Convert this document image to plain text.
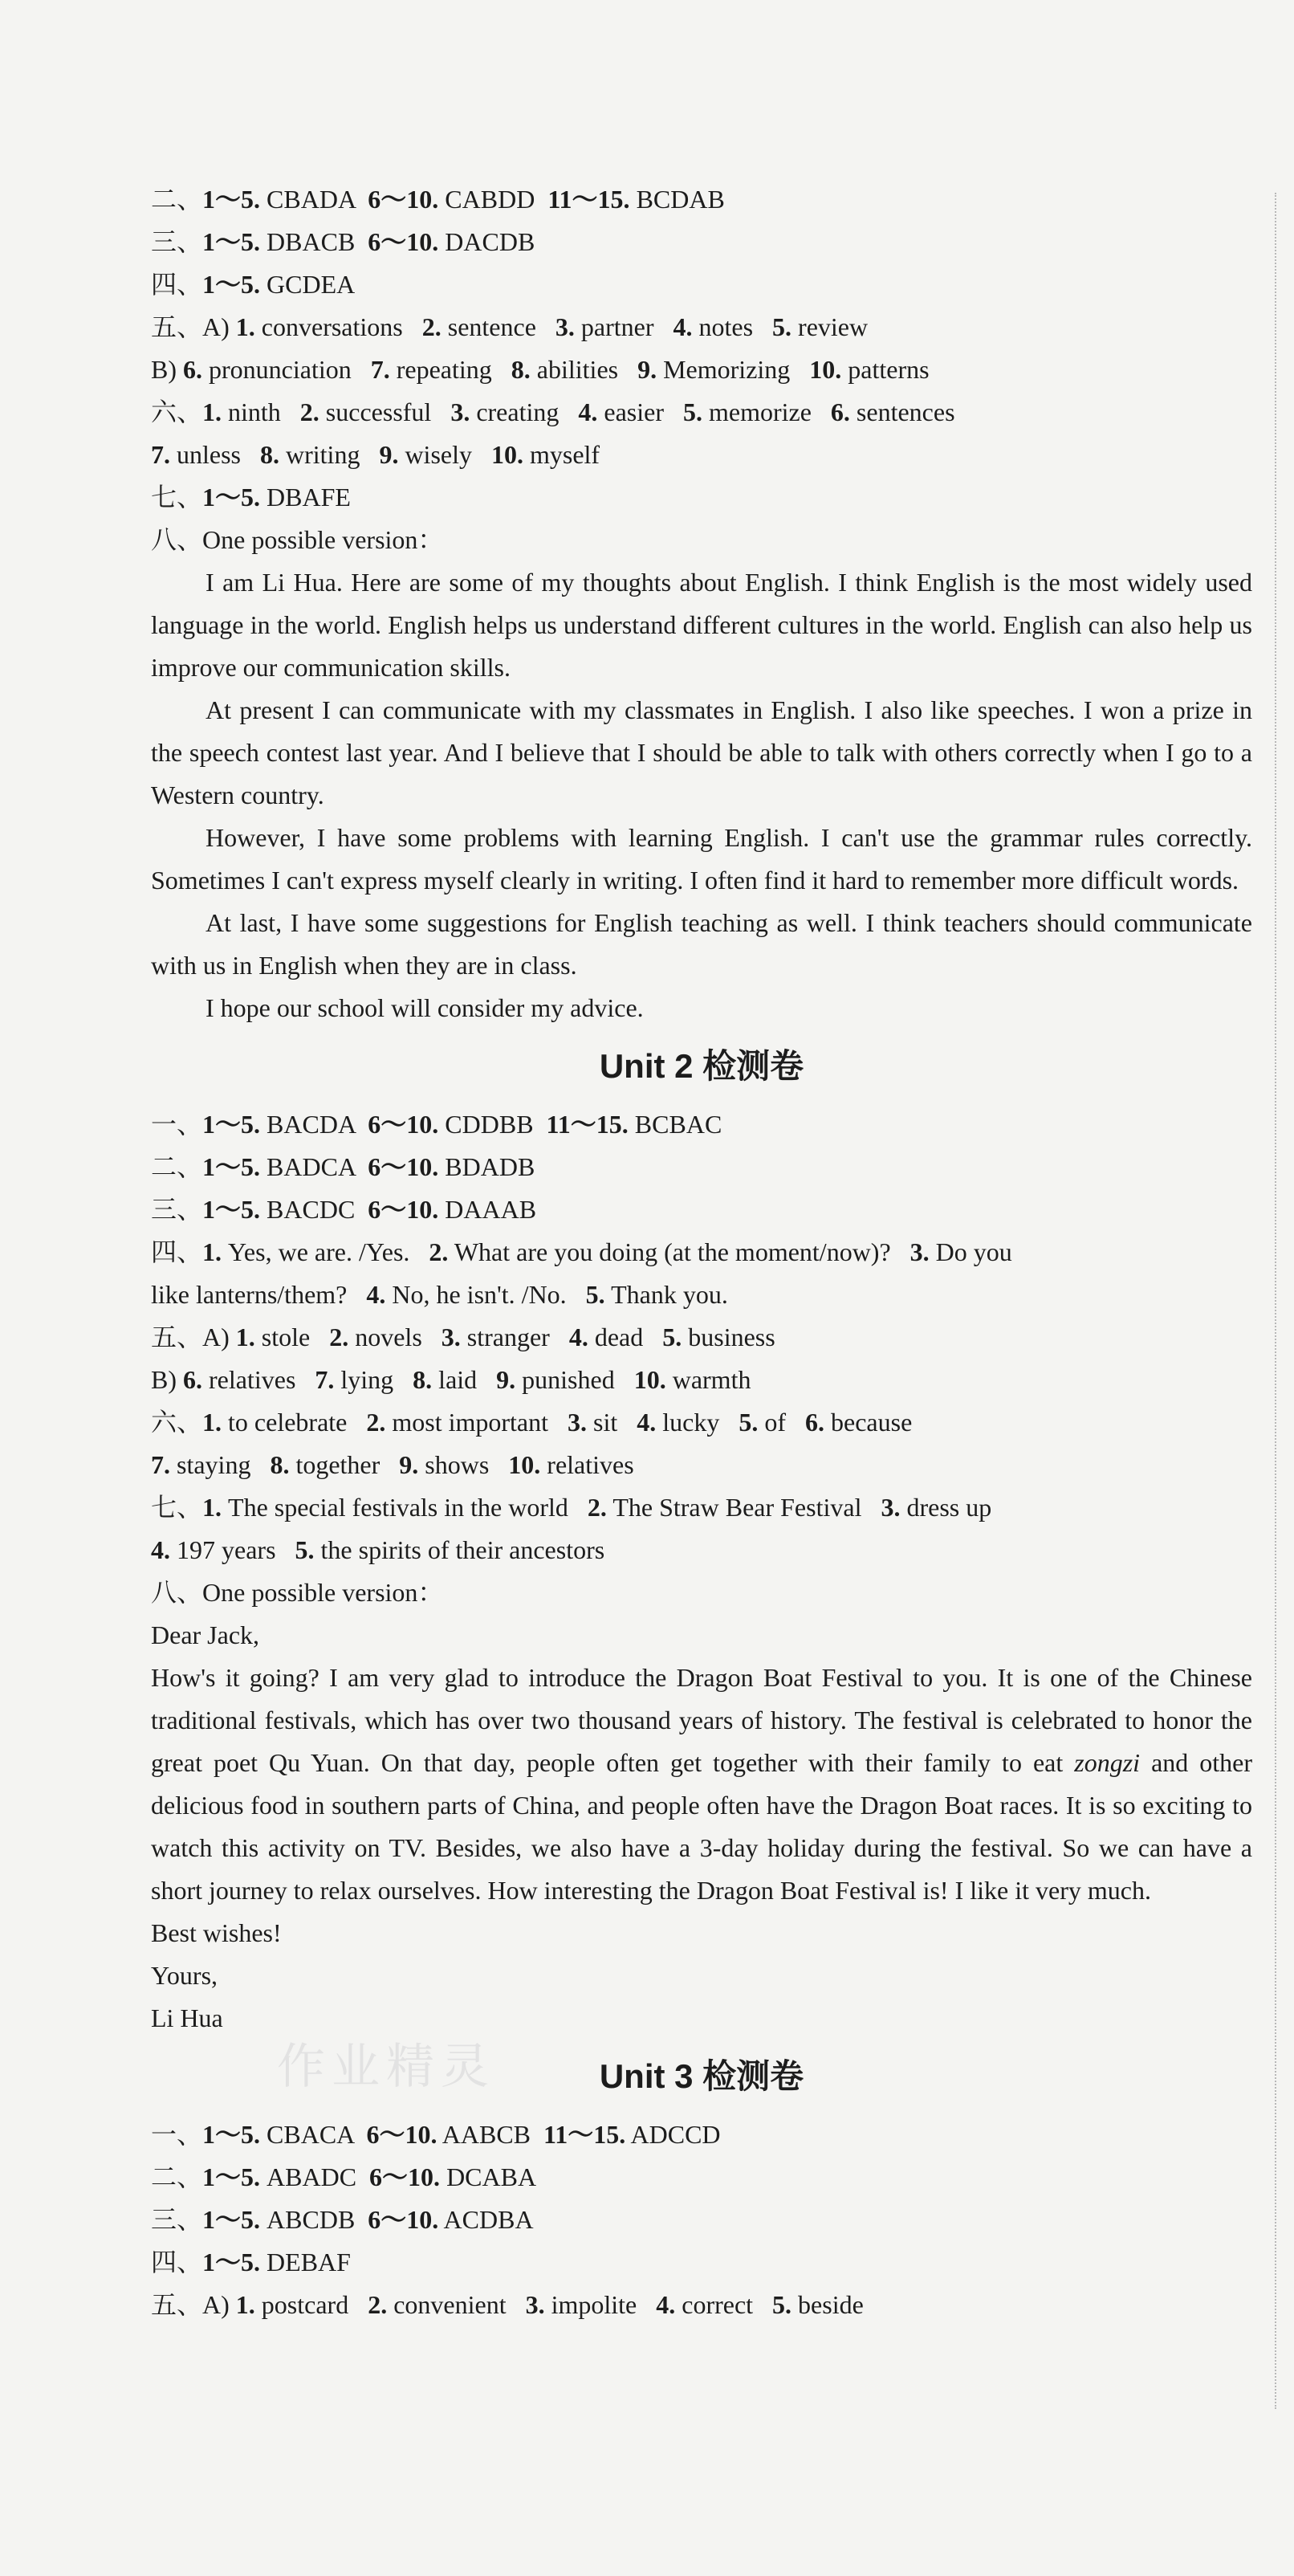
二、1～5. CBADA  6～10. CABDD  11～15. BCDAB
三、1～5. DBACB  6～10. DACDB
四、1～5. GCDEA
五、A) 1. conversations   2. sentence   3. partner   4. notes   5. review
B) 6. pronunciation   7. repeating   8. abilities   9. Memorizing   10. patterns
六、1. ninth   2. successful   3. creating   4. easier   5. memorize   6. sentences
7. unless   8. writing   9. wisely   10. myself
七、1～5. DBAFE
八、One possible version：
I am Li Hua. Here are some of my thoughts about English. I think English is the most widely used language in the world. English helps us understand different cultures in the world. English can also help us improve our communication skills.
At present I can communicate with my classmates in English. I also like speeches. I won a prize in the speech contest last year. And I believe that I should be able to talk with others correctly when I go to a Western country.
However, I have some problems with learning English. I can't use the grammar rules correctly. Sometimes I can't express myself clearly in writing. I often find it hard to remember more difficult words.
At last, I have some suggestions for English teaching as well. I think teachers should communicate with us in English when they are in class.
I hope our school will consider my advice.
Unit 2 检测卷
一、1～5. BACDA  6～10. CDDBB  11～15. BCBAC
二、1～5. BADCA  6～10. BDADB
三、1～5. BACDC  6～10. DAAAB
四、1. Yes, we are. /Yes.   2. What are you doing (at the moment/now)?   3. Do you
like lanterns/them?   4. No, he isn't. /No.   5. Thank you.
五、A) 1. stole   2. novels   3. stranger   4. dead   5. business
B) 6. relatives   7. lying   8. laid   9. punished   10. warmth
六、1. to celebrate   2. most important   3. sit   4. lucky   5. of   6. because
7. staying   8. together   9. shows   10. relatives
七、1. The special festivals in the world   2. The Straw Bear Festival   3. dress up
4. 197 years   5. the spirits of their ancestors
八、One possible version：
Dear Jack,
How's it going? I am very glad to introduce the Dragon Boat Festival to you. It is one of the Chinese traditional festivals, which has over two thousand years of history. The festival is celebrated to honor the great poet Qu Yuan. On that day, people often get together with their family to eat zongzi and other delicious food in southern parts of China, and people often have the Dragon Boat races. It is so exciting to watch this activity on TV. Besides, we also have a 3-day holiday during the festival. So we can have a short journey to relax ourselves. How interesting the Dragon Boat Festival is! I like it very much.
Best wishes!
Yours,
Li Hua
Unit 3 检测卷
一、1～5. CBACA  6～10. AABCB  11～15. ADCCD
二、1～5. ABADC  6～10. DCABA
三、1～5. ABCDB  6～10. ACDBA
四、1～5. DEBAF
五、A) 1. postcard   2. convenient   3. impolite   4. correct   5. beside
作业精灵
